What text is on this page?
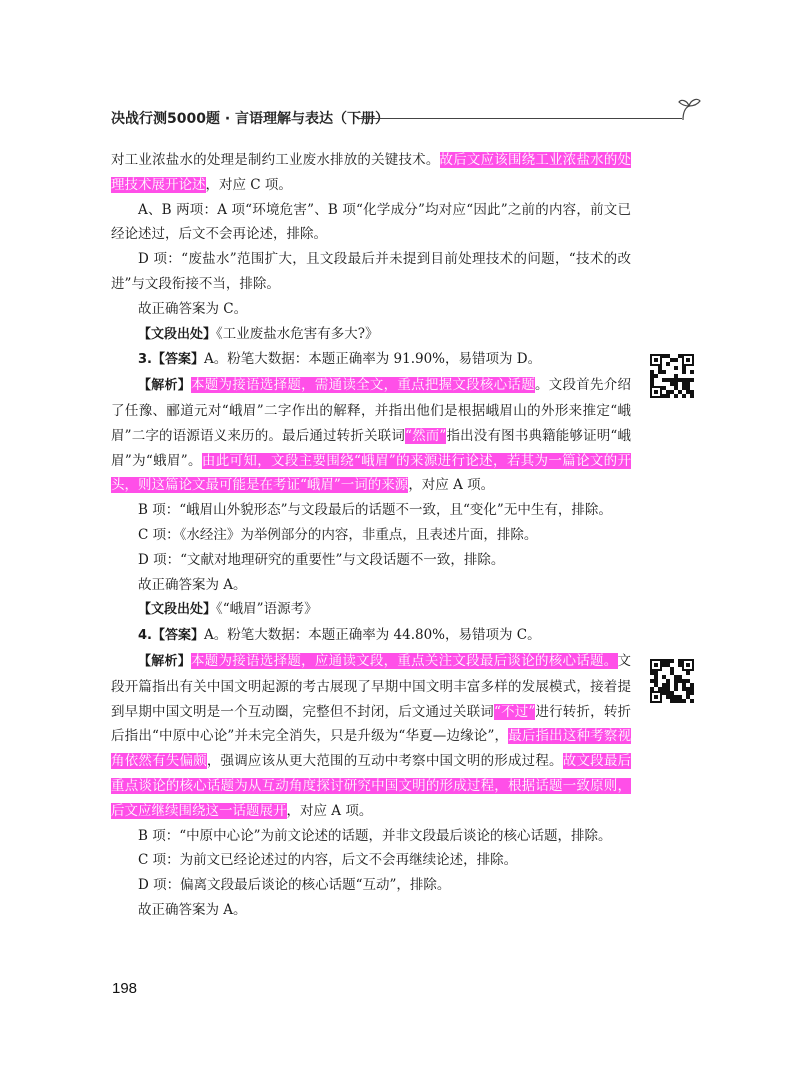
决战行测5000题 · 言语理解与表达（下册）

对工业浓盐水的处理是制约工业废水排放的关键技术。故后文应该围绕工业浓盐水的处理技术展开论述，对应 C 项。

A、B 两项：A 项“环境危害”、B 项“化学成分”均对应“因此”之前的内容，前文已经论述过，后文不会再论述，排除。

D 项：“废盐水”范围扩大，且文段最后并未提到目前处理技术的问题，“技术的改进”与文段衔接不当，排除。

故正确答案为 C。

【文段出处】《工业废盐水危害有多大?》

3.【答案】A。粉笔大数据：本题正确率为 91.90%，易错项为 D。

【解析】本题为接语选择题，需通读全文，重点把握文段核心话题。文段首先介绍了任豫、郦道元对“峨眉”二字作出的解释，并指出他们是根据峨眉山的外形来推定“峨眉”二字的语源语义来历的。最后通过转折关联词“然而”指出没有图书典籍能够证明“峨眉”为“蛾眉”。由此可知，文段主要围绕“峨眉”的来源进行论述，若其为一篇论文的开头，则这篇论文最可能是在考证“峨眉”一词的来源，对应 A 项。

B 项：“峨眉山外貌形态”与文段最后的话题不一致，且“变化”无中生有，排除。

C 项：《水经注》为举例部分的内容，非重点，且表述片面，排除。

D 项：“文献对地理研究的重要性”与文段话题不一致，排除。

故正确答案为 A。

【文段出处】《“峨眉”语源考》

4.【答案】A。粉笔大数据：本题正确率为 44.80%，易错项为 C。

【解析】本题为接语选择题，应通读文段，重点关注文段最后谈论的核心话题。文段开篇指出有关中国文明起源的考古展现了早期中国文明丰富多样的发展模式，接着提到早期中国文明是一个互动圈，完整但不封闭，后文通过关联词“不过”进行转折，转折后指出“中原中心论”并未完全消失，只是升级为“华夏—边缘论”，最后指出这种考察视角依然有失偏颇，强调应该从更大范围的互动中考察中国文明的形成过程。故文段最后重点谈论的核心话题为从互动角度探讨研究中国文明的形成过程，根据话题一致原则，后文应继续围绕这一话题展开，对应 A 项。

B 项：“中原中心论”为前文论述的话题，并非文段最后谈论的核心话题，排除。

C 项：为前文已经论述过的内容，后文不会再继续论述，排除。

D 项：偏离文段最后谈论的核心话题“互动”，排除。

故正确答案为 A。

198
